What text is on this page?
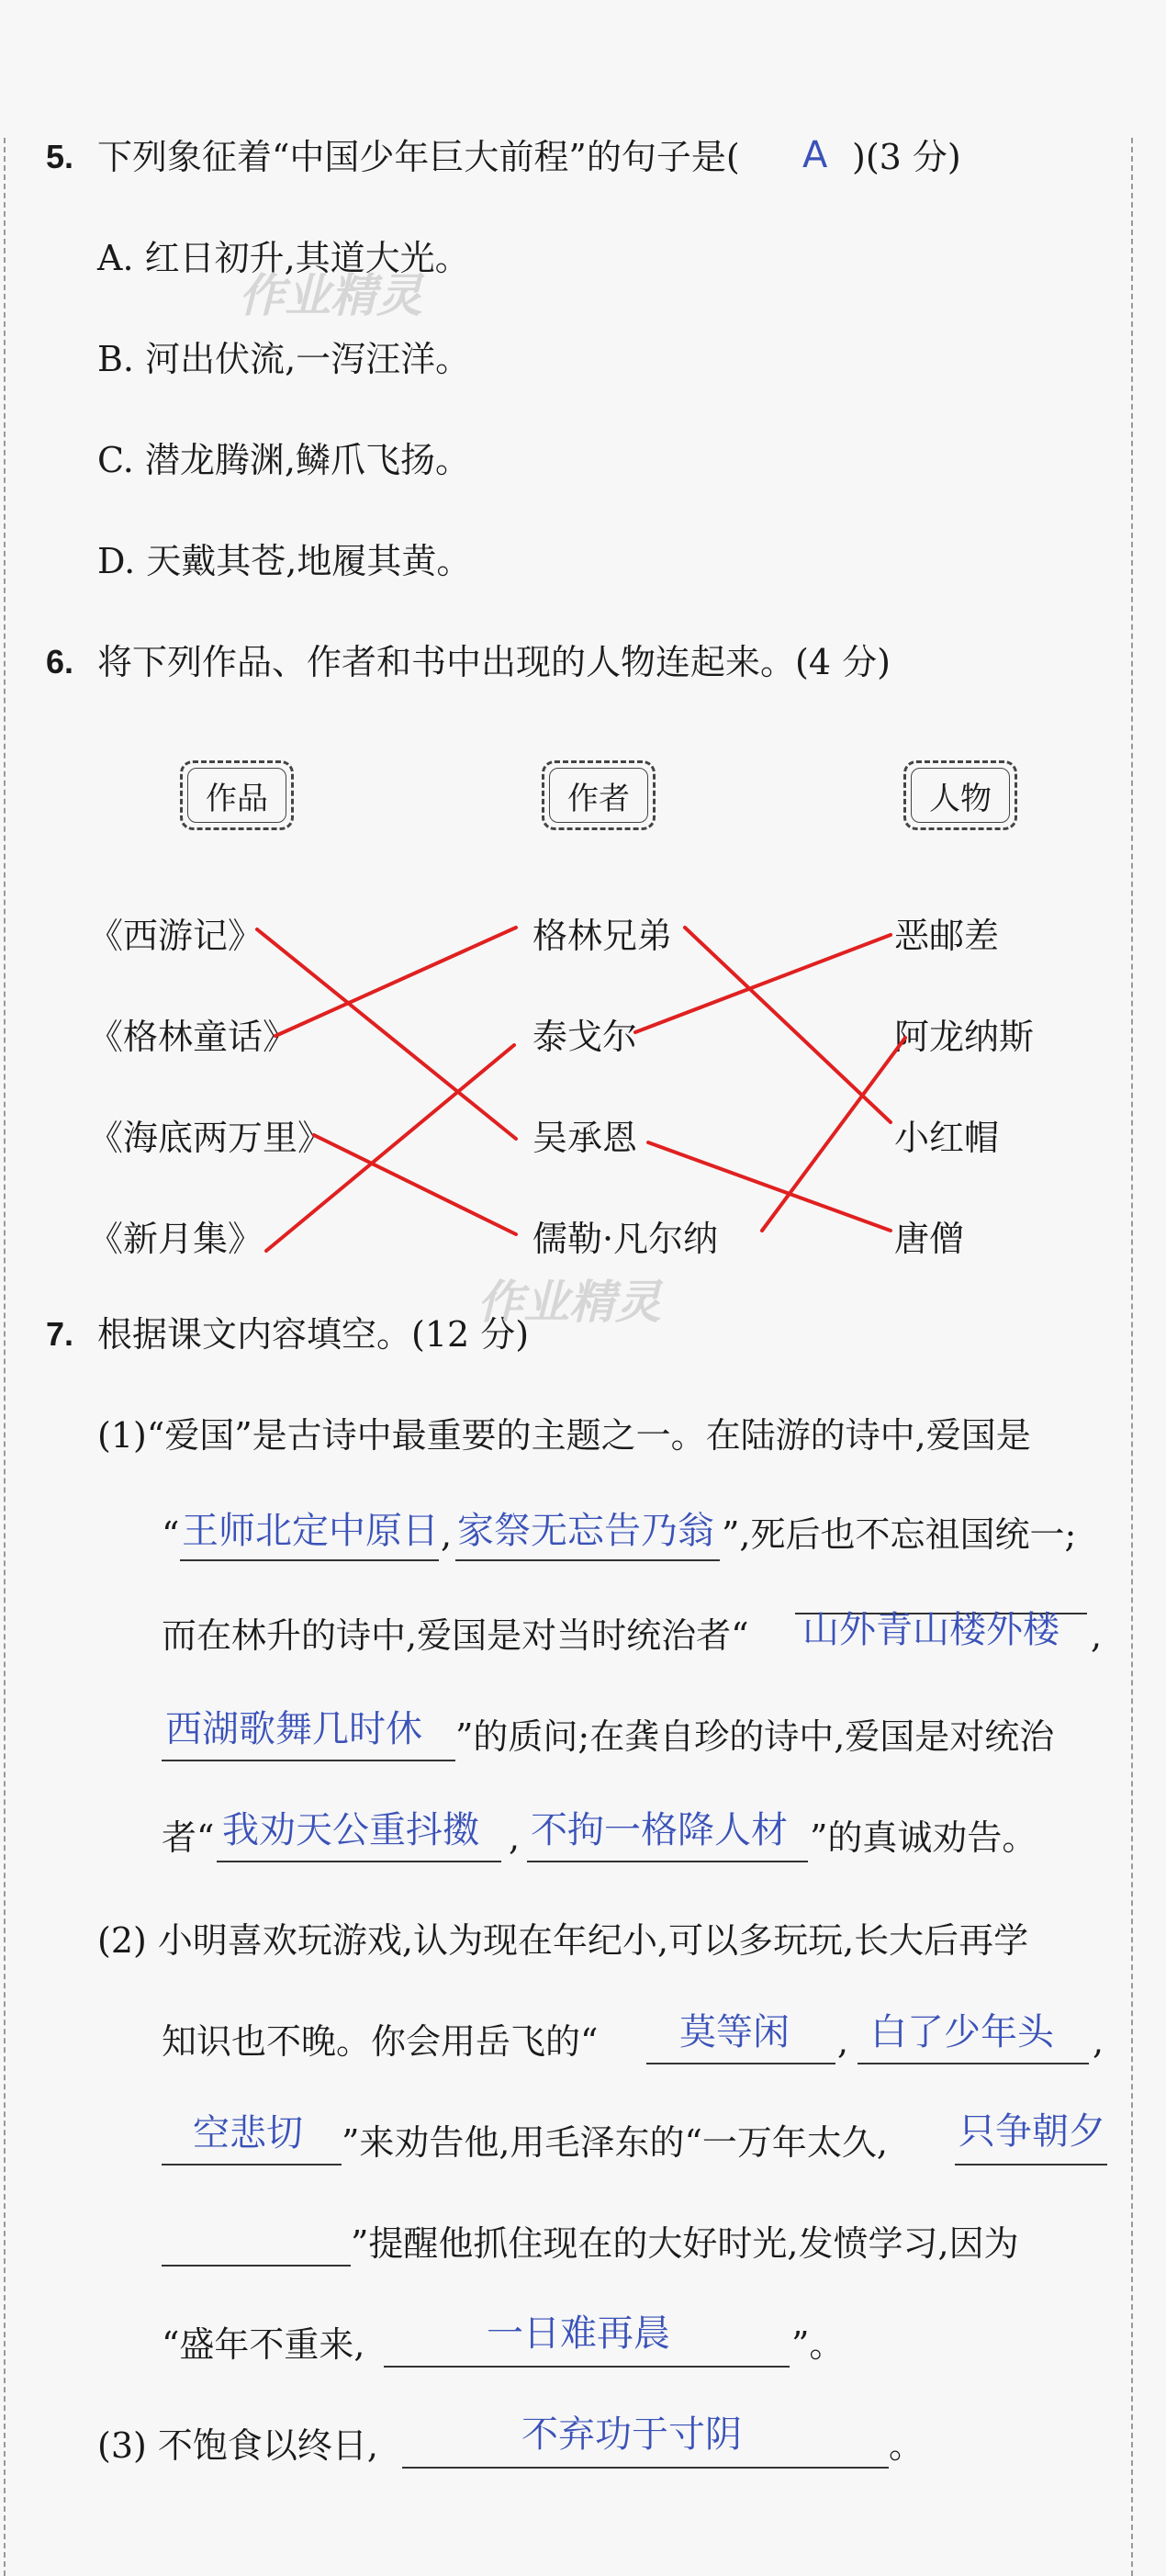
5. 下列象征着“中国少年巨大前程”的句子是( A )(3 分)
A. 红日初升,其道大光。
B. 河出伏流,一泻汪洋。
C. 潜龙腾渊,鳞爪飞扬。
D. 天戴其苍,地履其黄。
作业精灵
6. 将下列作品、作者和书中出现的人物连起来。(4 分)
作品	作者	人物
《西游记》
《格林童话》
《海底两万里》
《新月集》
格林兄弟
泰戈尔
吴承恩
儒勒·凡尔纳
恶邮差
阿龙纳斯
小红帽
唐僧
作业精灵
7. 根据课文内容填空。(12 分)
(1)“爱国”是古诗中最重要的主题之一。在陆游的诗中,爱国是
“ 王师北定中原日 , 家祭无忘告乃翁 ”,死后也不忘祖国统一;
而在林升的诗中,爱国是对当时统治者“ 山外青山楼外楼 ,
西湖歌舞几时休 ”的质问;在龚自珍的诗中,爱国是对统治
者“ 我劝天公重抖擞 , 不拘一格降人材 ”的真诚劝告。
(2) 小明喜欢玩游戏,认为现在年纪小,可以多玩玩,长大后再学
知识也不晚。你会用岳飞的“ 莫等闲 , 白了少年头 ,
空悲切 ”来劝告他,用毛泽东的“一万年太久, 只争朝夕
”提醒他抓住现在的大好时光,发愤学习,因为
“盛年不重来,	一日难再晨	”。
(3) 不饱食以终日,	不弃功于寸阴	。
